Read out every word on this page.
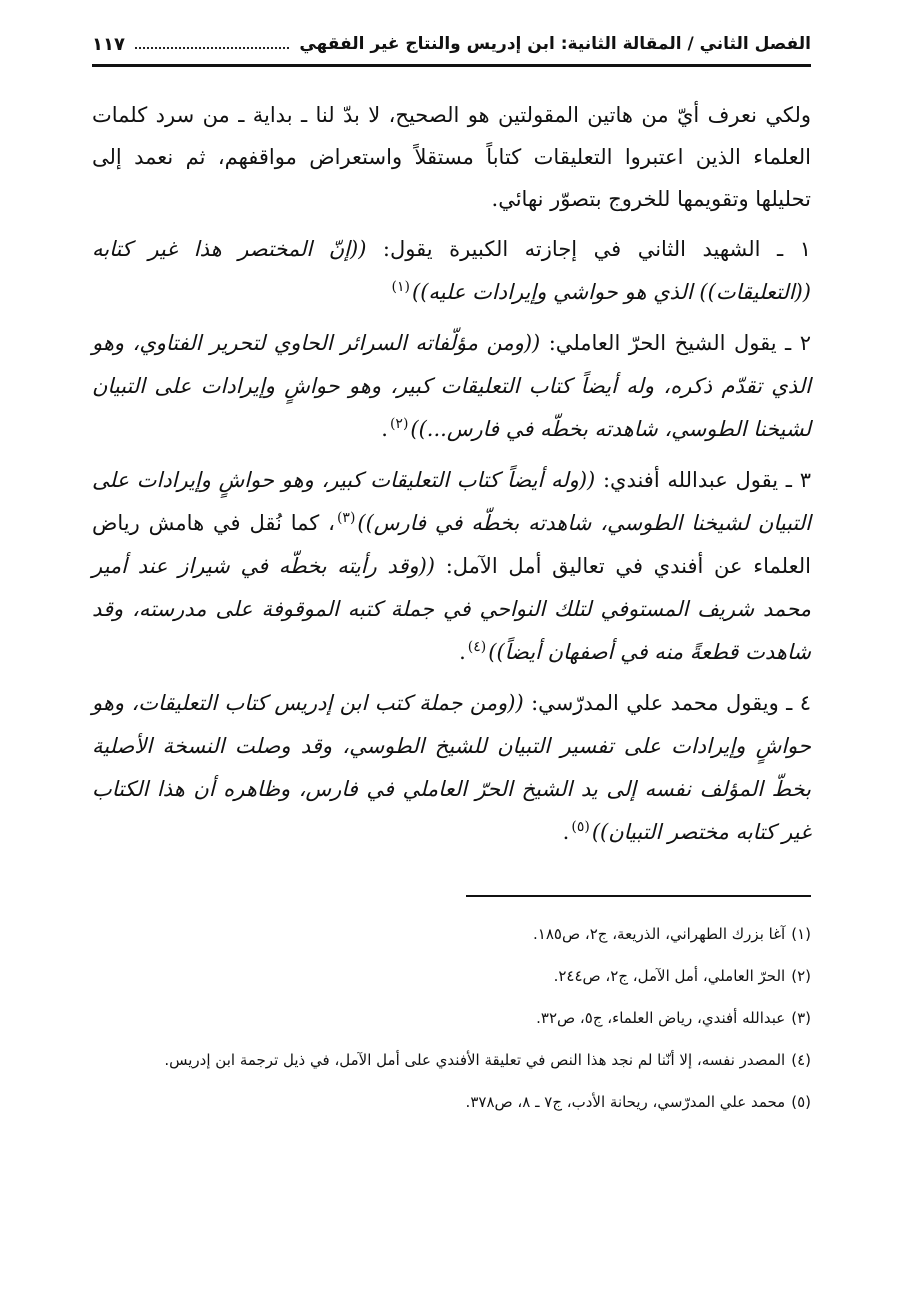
الفصل الثاني / المقالة الثانية: ابن إدريس والنتاج غير الفقهي
١١٧

ولكي نعرف أيّ من هاتين المقولتين هو الصحيح، لا بدّ لنا ـ بداية ـ من سرد كلمات العلماء الذين اعتبروا التعليقات كتاباً مستقلاً واستعراض مواقفهم، ثم نعمد إلى تحليلها وتقويمها للخروج بتصوّر نهائي.

١ ـ الشهيد الثاني في إجازته الكبيرة يقول: ((إنّ المختصر هذا غير كتابه ((التعليقات)) الذي هو حواشي وإيرادات عليه))$^{(١)}$

٢ ـ يقول الشيخ الحرّ العاملي: ((ومن مؤلّفاته السرائر الحاوي لتحرير الفتاوي، وهو الذي تقدّم ذكره، وله أيضاً كتاب التعليقات كبير، وهو حواشٍ وإيرادات على التبيان لشيخنا الطوسي، شاهدته بخطّه في فارس...))$^{(٢)}$.

٣ ـ يقول عبدالله أفندي: ((وله أيضاً كتاب التعليقات كبير، وهو حواشٍ وإيرادات على التبيان لشيخنا الطوسي، شاهدته بخطّه في فارس))$^{(٣)}$، كما نُقل في هامش رياض العلماء عن أفندي في تعاليق أمل الآمل: ((وقد رأيته بخطّه في شيراز عند أمير محمد شريف المستوفي لتلك النواحي في جملة كتبه الموقوفة على مدرسته، وقد شاهدت قطعةً منه في أصفهان أيضاً))$^{(٤)}$.

٤ ـ ويقول محمد علي المدرّسي: ((ومن جملة كتب ابن إدريس كتاب التعليقات، وهو حواشٍ وإيرادات على تفسير التبيان للشيخ الطوسي، وقد وصلت النسخة الأصلية بخطّ المؤلف نفسه إلى يد الشيخ الحرّ العاملي في فارس، وظاهره أن هذا الكتاب غير كتابه مختصر التبيان))$^{(٥)}$.

(١)آغا بزرك الطهراني، الذريعة، ج٢، ص١٨٥.

(٢)الحرّ العاملي، أمل الآمل، ج٢، ص٢٤٤.

(٣)عبدالله أفندي، رياض العلماء، ج٥، ص٣٢.

(٤)المصدر نفسه، إلا أنّنا لم نجد هذا النص في تعليقة الأفندي على أمل الآمل، في ذيل ترجمة ابن إدريس.

(٥)محمد علي المدرّسي، ريحانة الأدب، ج٧ ـ ٨، ص٣٧٨.
